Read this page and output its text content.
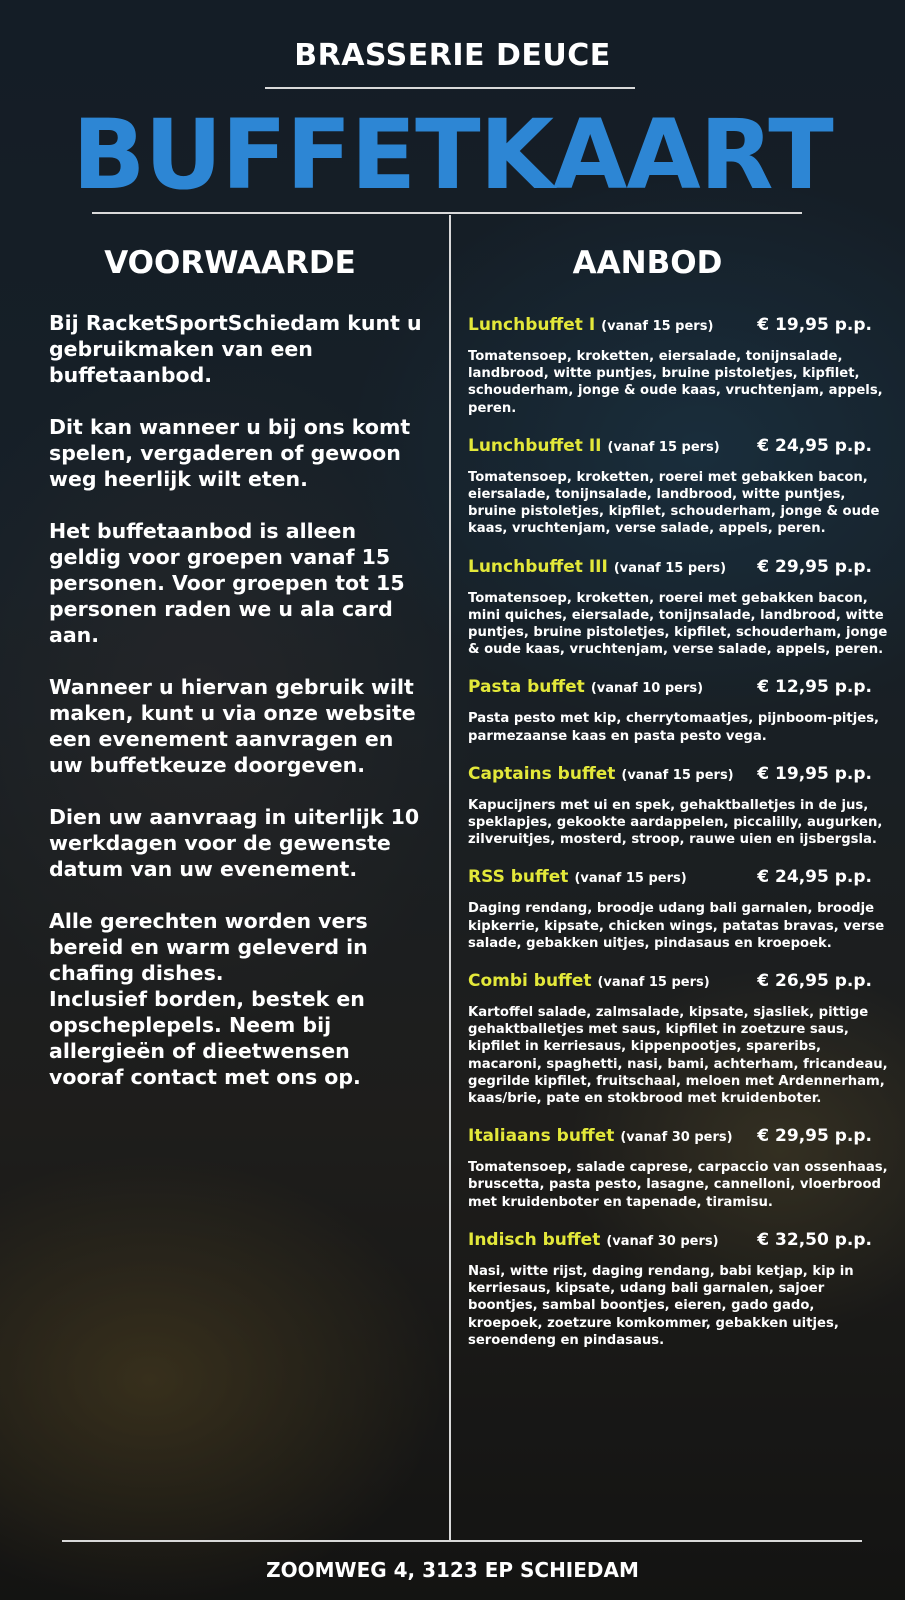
BRASSERIE DEUCE
BUFFETKAART
VOORWAARDE	AANBOD

Bij RacketSportSchiedam kunt u gebruikmaken van een buffetaanbod.

Dit kan wanneer u bij ons komt spelen, vergaderen of gewoon weg heerlijk wilt eten.

Het buffetaanbod is alleen geldig voor groepen vanaf 15 personen. Voor groepen tot 15 personen raden we u ala card aan.

Wanneer u hiervan gebruik wilt maken, kunt u via onze website een evenement aanvragen en uw buffetkeuze doorgeven.

Dien uw aanvraag in uiterlijk 10 werkdagen voor de gewenste datum van uw evenement.

Alle gerechten worden vers bereid en warm geleverd in chafing dishes.

Inclusief borden, bestek en opscheplepels. Neem bij allergieën of dieetwensen vooraf contact met ons op.

Lunchbuffet I (vanaf 15 pers)	€ 19,95 p.p.
Tomatensoep, kroketten, eiersalade, tonijnsalade, landbrood, witte puntjes, bruine pistoletjes, kipfilet, schouderham, jonge & oude kaas, vruchtenjam, appels, peren.
Lunchbuffet II (vanaf 15 pers) € 24,95 p.p.
Tomatensoep, kroketten, roerei met gebakken bacon, eiersalade, tonijnsalade, landbrood, witte puntjes, bruine pistoletjes, kipfilet, schouderham, jonge & oude kaas, vruchtenjam, verse salade, appels, peren.
Lunchbuffet III (vanaf 15 pers) € 29,95 p.p.
Tomatensoep, kroketten, roerei met gebakken bacon, mini quiches, eiersalade, tonijnsalade, landbrood, witte puntjes, bruine pistoletjes, kipfilet, schouderham, jonge & oude kaas, vruchtenjam, verse salade, appels, peren.
Pasta buffet (vanaf 10 pers)	€ 12,95 p.p.
Pasta pesto met kip, cherrytomaatjes, pijnboom-pitjes, parmezaanse kaas en pasta pesto vega.
Captains buffet (vanaf 15 pers) € 19,95 p.p.
Kapucijners met ui en spek, gehaktballetjes in de jus, speklapjes, gekookte aardappelen, piccalilly, augurken, zilveruitjes, mosterd, stroop, rauwe uien en ijsbergsla.
RSS buffet (vanaf 15 pers)	€ 24,95 p.p.
Daging rendang, broodje udang bali garnalen, broodje kipkerrie, kipsate, chicken wings, patatas bravas, verse salade, gebakken uitjes, pindasaus en kroepoek.
Combi buffet (vanaf 15 pers)	€ 26,95 p.p.
Kartoffel salade, zalmsalade, kipsate, sjasliek, pittige gehaktballetjes met saus, kipfilet in zoetzure saus, kipfilet in kerriesaus, kippenpootjes, spareribs, macaroni, spaghetti, nasi, bami, achterham, fricandeau, gegrilde kipfilet, fruitschaal, meloen met Ardennerham, kaas/brie, pate en stokbrood met kruidenboter.
Italiaans buffet (vanaf 30 pers) € 29,95 p.p.
Tomatensoep, salade caprese, carpaccio van ossenhaas, bruscetta, pasta pesto, lasagne, cannelloni, vloerbrood met kruidenboter en tapenade, tiramisu.
Indisch buffet (vanaf 30 pers) € 32,50 p.p.
Nasi, witte rijst, daging rendang, babi ketjap, kip in kerriesaus, kipsate, udang bali garnalen, sajoer boontjes, sambal boontjes, eieren, gado gado, kroepoek, zoetzure komkommer, gebakken uitjes, seroendeng en pindasaus.
ZOOMWEG 4, 3123 EP SCHIEDAM
